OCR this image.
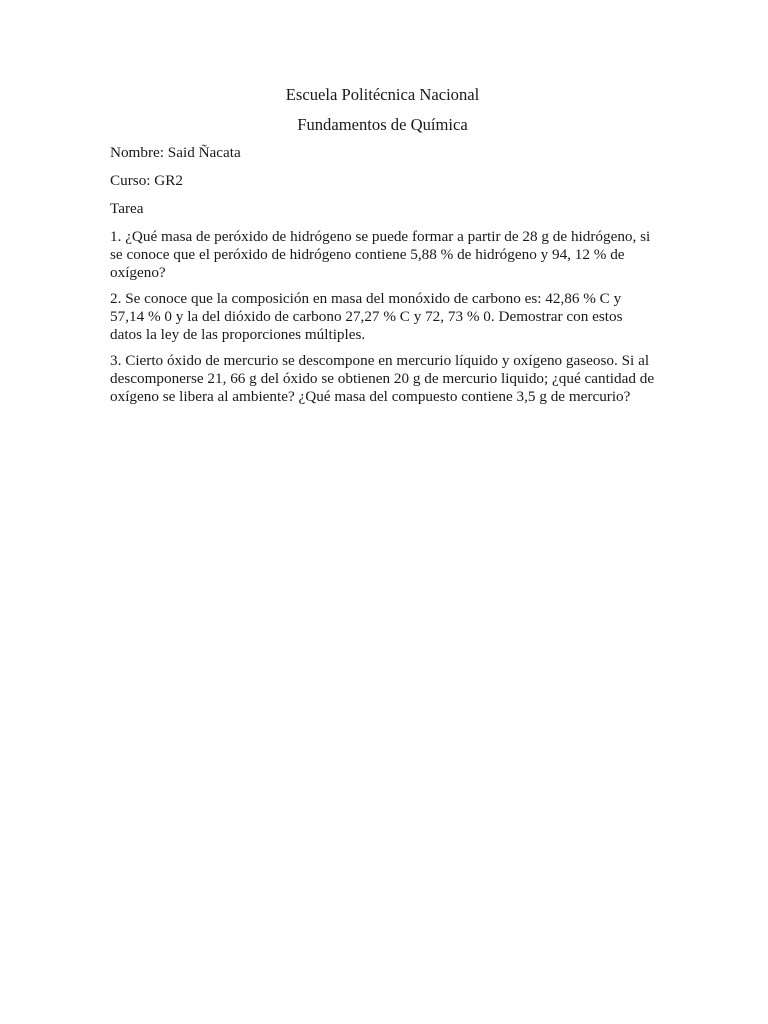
Escuela Politécnica Nacional

Fundamentos de Química

Nombre: Said Ñacata

Curso: GR2

Tarea

1. ¿Qué masa de peróxido de hidrógeno se puede formar a partir de 28 g de hidrógeno, si se conoce que el peróxido de hidrógeno contiene 5,88 % de hidrógeno y 94, 12 % de oxígeno?

2. Se conoce que la composición en masa del monóxido de carbono es: 42,86 % C y 57,14 % 0 y la del dióxido de carbono 27,27 % C y 72, 73 % 0. Demostrar con estos datos la ley de las proporciones múltiples.

3. Cierto óxido de mercurio se descompone en mercurio líquido y oxígeno gaseoso. Si al descomponerse 21, 66 g del óxido se obtienen 20 g de mercurio liquido; ¿qué cantidad de oxígeno se libera al ambiente? ¿Qué masa del compuesto contiene 3,5 g de mercurio?
